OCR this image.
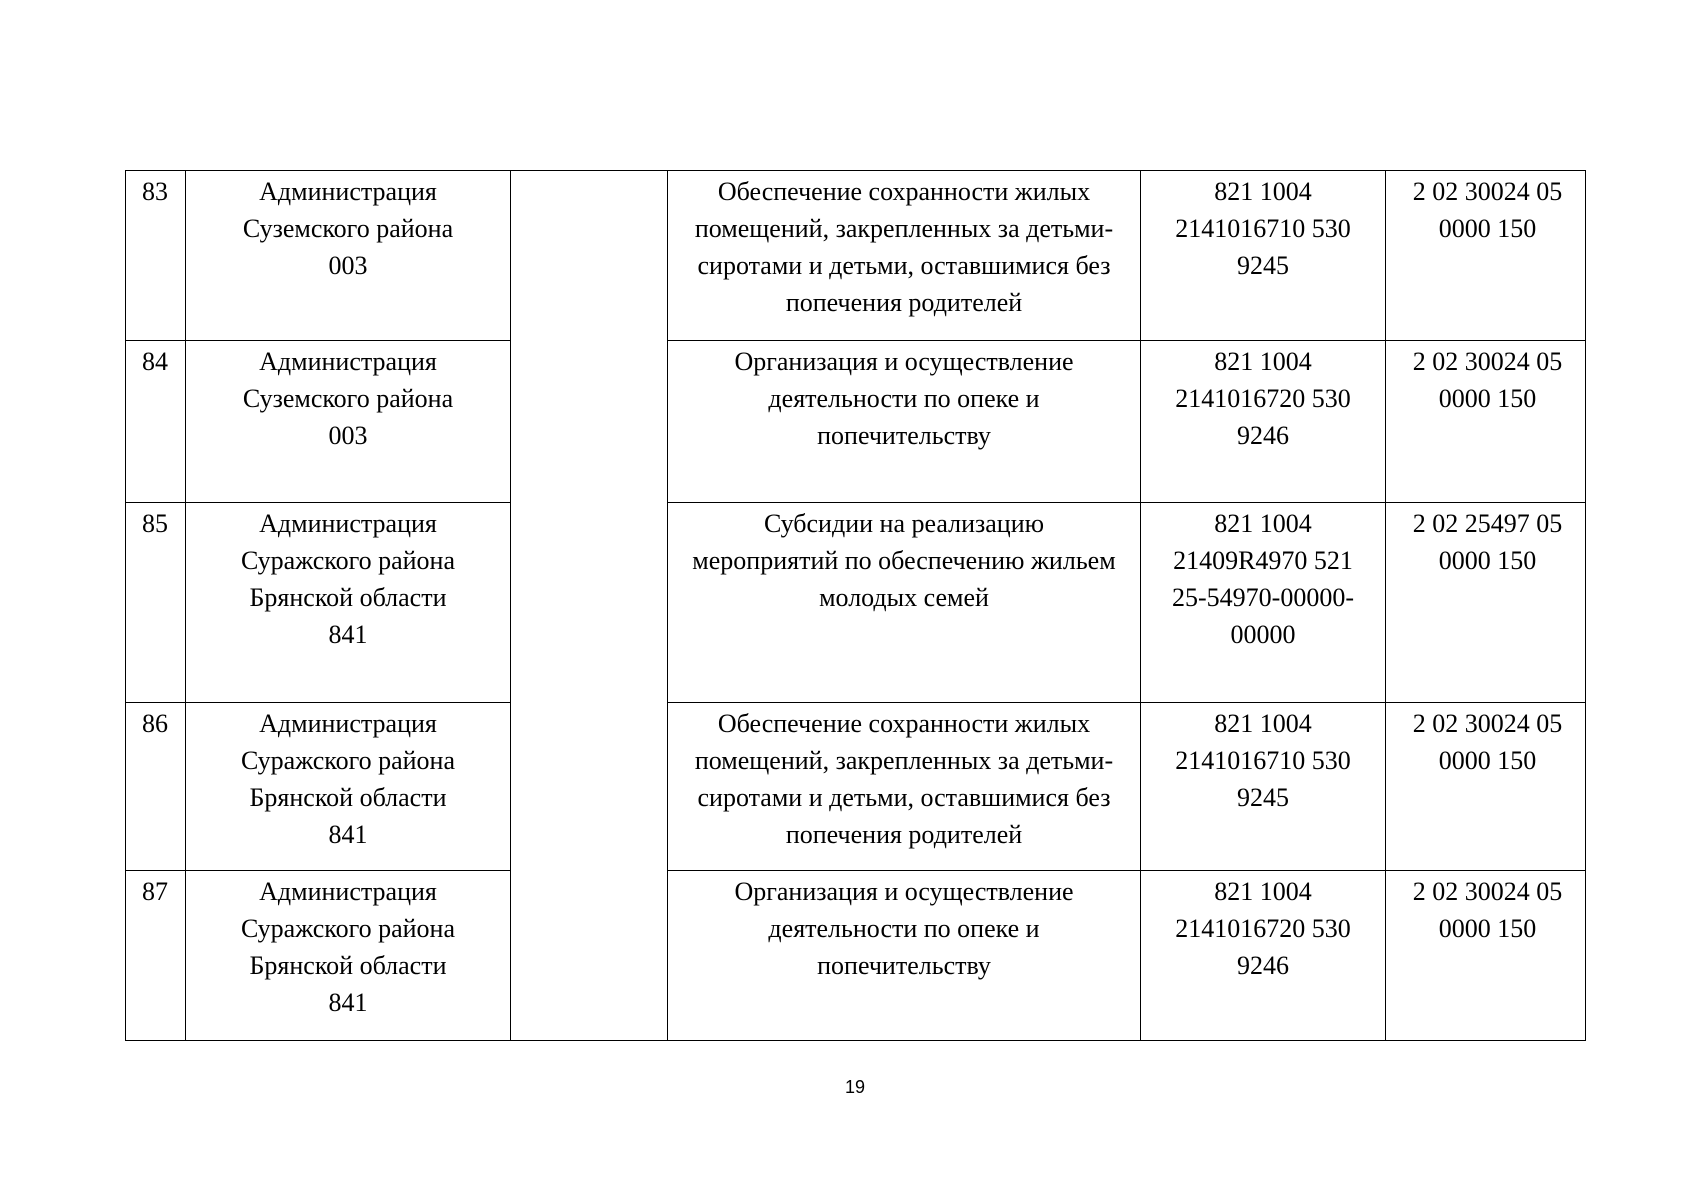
83	Администрация
Суземского района
003		Обеспечение сохранности жилых
помещений, закрепленных за детьми-
сиротами и детьми, оставшимися без
попечения родителей	821 1004
2141016710 530
9245	2 02 30024 05
0000 150

84	Администрация
Суземского района
003		Организация и осуществление
деятельности по опеке и
попечительству	821 1004
2141016720 530
9246	2 02 30024 05
0000 150

85	Администрация
Суражского района
Брянской области
841		Субсидии на реализацию
мероприятий по обеспечению жильем
молодых семей	821 1004
21409R4970 521
25-54970-00000-
00000	2 02 25497 05
0000 150

86	Администрация
Суражского района
Брянской области
841		Обеспечение сохранности жилых
помещений, закрепленных за детьми-
сиротами и детьми, оставшимися без
попечения родителей	821 1004
2141016710 530
9245	2 02 30024 05
0000 150

87	Администрация
Суражского района
Брянской области
841		Организация и осуществление
деятельности по опеке и
попечительству	821 1004
2141016720 530
9246	2 02 30024 05
0000 150
19
